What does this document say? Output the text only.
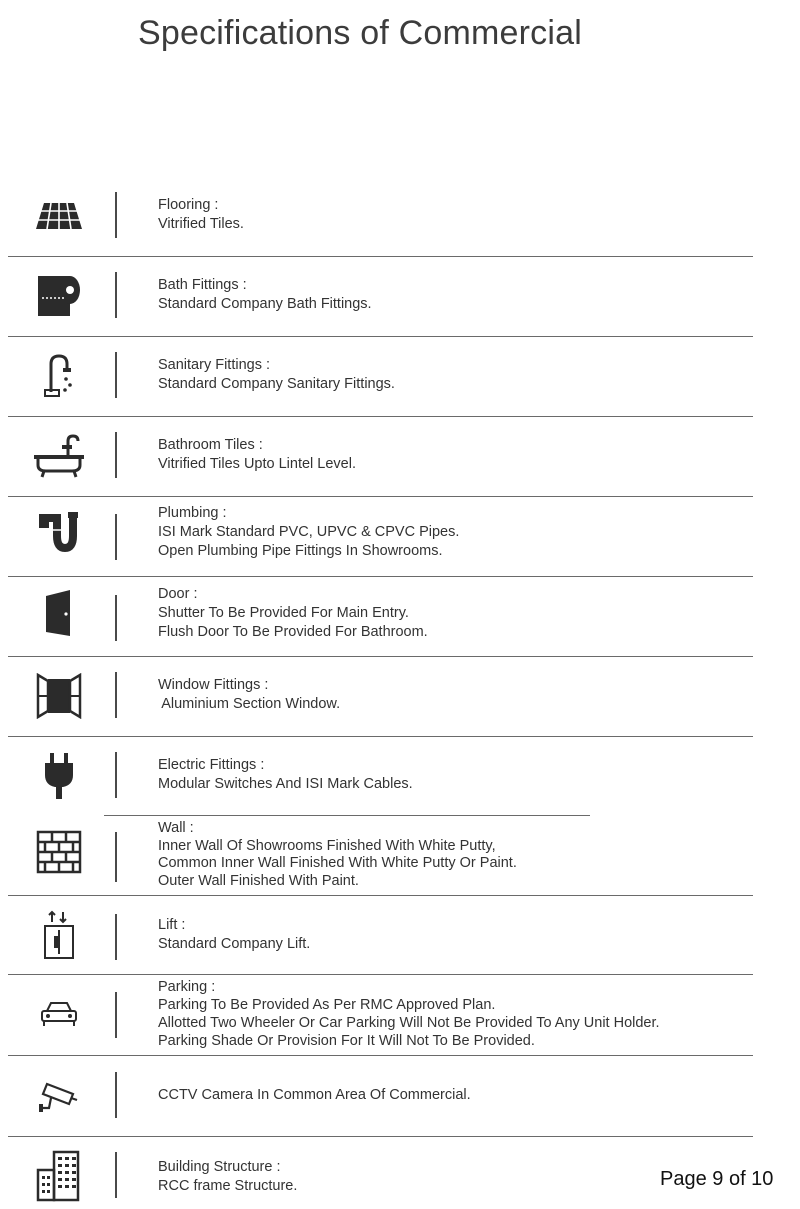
Specifications of Commercial
Flooring :
Vitrified Tiles.
Bath Fittings :
Standard Company Bath Fittings.
Sanitary Fittings :
Standard Company Sanitary Fittings.
Bathroom Tiles :
Vitrified Tiles Upto Lintel Level.
Plumbing :
ISI Mark Standard PVC, UPVC & CPVC Pipes.
Open Plumbing Pipe Fittings In Showrooms.
Door :
Shutter To Be Provided For Main Entry.
Flush Door To Be Provided For Bathroom.
Window Fittings :
Aluminium Section Window.
Electric Fittings :
Modular Switches And ISI Mark Cables.
Wall :
Inner Wall Of Showrooms Finished With White Putty,
Common Inner Wall Finished With White Putty Or Paint.
Outer Wall Finished With Paint.
Lift :
Standard Company Lift.
Parking :
Parking To Be Provided As Per RMC Approved Plan.
Allotted Two Wheeler Or Car Parking Will Not Be Provided To Any Unit Holder.
Parking Shade Or Provision For It Will Not To Be Provided.
CCTV Camera In Common Area Of Commercial.
Building Structure :
RCC frame Structure.	Page 9 of 10
